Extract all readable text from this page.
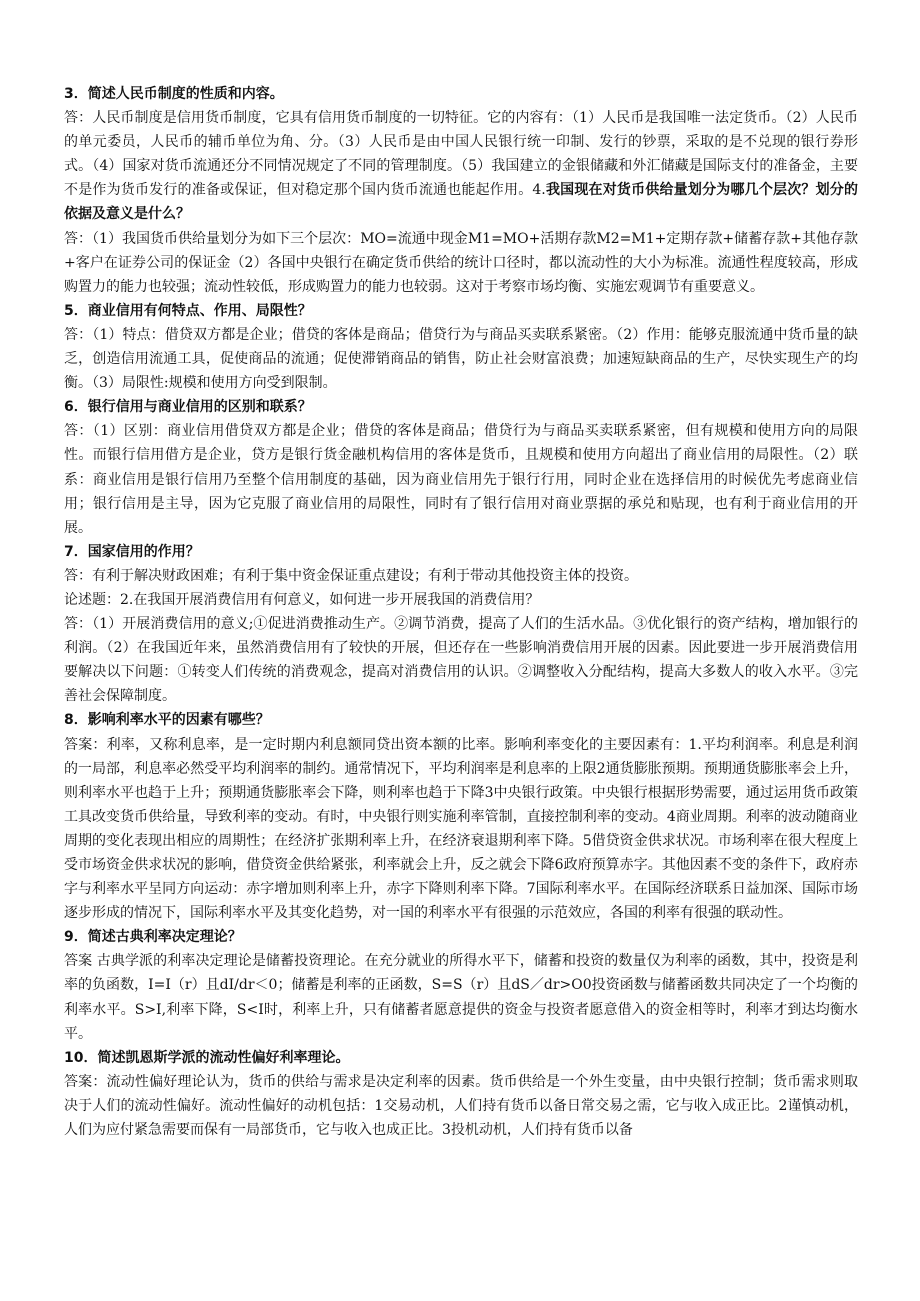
3．简述人民币制度的性质和内容。

答：人民币制度是信用货币制度，它具有信用货币制度的一切特征。它的内容有：（1）人民币是我国唯一法定货币。（2）人民币的单元委员，人民币的辅币单位为角、分。（3）人民币是由中国人民银行统一印制、发行的钞票，采取的是不兑现的银行券形式。（4）国家对货币流通还分不同情况规定了不同的管理制度。（5）我国建立的金银储藏和外汇储藏是国际支付的准备金，主要不是作为货币发行的准备或保证，但对稳定那个国内货币流通也能起作用。4.我国现在对货币供给量划分为哪几个层次？划分的依据及意义是什么？

答：（1）我国货币供给量划分为如下三个层次：MO=流通中现金M1=MO+活期存款M2=M1+定期存款+储蓄存款+其他存款+客户在证券公司的保证金（2）各国中央银行在确定货币供给的统计口径时，都以流动性的大小为标准。流通性程度较高，形成购置力的能力也较强；流动性较低，形成购置力的能力也较弱。这对于考察市场均衡、实施宏观调节有重要意义。

5．商业信用有何特点、作用、局限性？

答：（1）特点：借贷双方都是企业；借贷的客体是商品；借贷行为与商品买卖联系紧密。（2）作用：能够克服流通中货币量的缺乏，创造信用流通工具，促使商品的流通；促使滞销商品的销售，防止社会财富浪费；加速短缺商品的生产，尽快实现生产的均衡。（3）局限性:规模和使用方向受到限制。

6．银行信用与商业信用的区别和联系？

答：（1）区别：商业信用借贷双方都是企业；借贷的客体是商品；借贷行为与商品买卖联系紧密，但有规模和使用方向的局限性。而银行信用借方是企业，贷方是银行货金融机构信用的客体是货币，且规模和使用方向超出了商业信用的局限性。（2）联系：商业信用是银行信用乃至整个信用制度的基础，因为商业信用先于银行行用，同时企业在选择信用的时候优先考虑商业信用；银行信用是主导，因为它克服了商业信用的局限性，同时有了银行信用对商业票据的承兑和贴现，也有利于商业信用的开展。

7．国家信用的作用？

答：有利于解决财政困难；有利于集中资金保证重点建设；有利于带动其他投资主体的投资。

论述题：2.在我国开展消费信用有何意义，如何进一步开展我国的消费信用？

答：（1）开展消费信用的意义;①促进消费推动生产。②调节消费，提高了人们的生活水品。③优化银行的资产结构，增加银行的利润。（2）在我国近年来，虽然消费信用有了较快的开展，但还存在一些影响消费信用开展的因素。因此要进一步开展消费信用要解决以下问题：①转变人们传统的消费观念，提高对消费信用的认识。②调整收入分配结构，提高大多数人的收入水平。③完善社会保障制度。

8．影响利率水平的因素有哪些？

答案：利率，又称利息率，是一定时期内利息额同贷出资本额的比率。影响利率变化的主要因素有：1.平均利润率。利息是利润的一局部，利息率必然受平均利润率的制约。通常情况下，平均利润率是利息率的上限2通货膨胀预期。预期通货膨胀率会上升，则利率水平也趋于上升；预期通货膨胀率会下降，则利率也趋于下降3中央银行政策。中央银行根据形势需要，通过运用货币政策工具改变货币供给量，导致利率的变动。有时，中央银行则实施利率管制，直接控制利率的变动。4商业周期。利率的波动随商业周期的变化表现出相应的周期性；在经济扩张期利率上升，在经济衰退期利率下降。5借贷资金供求状况。市场利率在很大程度上受市场资金供求状况的影响，借贷资金供给紧张，利率就会上升，反之就会下降6政府预算赤字。其他因素不变的条件下，政府赤字与利率水平呈同方向运动：赤字增加则利率上升，赤字下降则利率下降。7国际利率水平。在国际经济联系日益加深、国际市场逐步形成的情况下，国际利率水平及其变化趋势，对一国的利率水平有很强的示范效应，各国的利率有很强的联动性。

9．简述古典利率决定理论？

答案 古典学派的利率决定理论是储蓄投资理论。在充分就业的所得水平下，储蓄和投资的数量仅为利率的函数，其中，投资是利率的负函数，I=I（r）且dI/dr＜0；储蓄是利率的正函数，S=S（r）且dS／dr>O0投资函数与储蓄函数共同决定了一个均衡的利率水平。S>I,利率下降，S<I时，利率上升，只有储蓄者愿意提供的资金与投资者愿意借入的资金相等时，利率才到达均衡水平。

10．简述凯恩斯学派的流动性偏好利率理论。

答案：流动性偏好理论认为，货币的供给与需求是决定利率的因素。货币供给是一个外生变量，由中央银行控制；货币需求则取决于人们的流动性偏好。流动性偏好的动机包括：1交易动机，人们持有货币以备日常交易之需，它与收入成正比。2谨慎动机，人们为应付紧急需要而保有一局部货币，它与收入也成正比。3投机动机，人们持有货币以备
